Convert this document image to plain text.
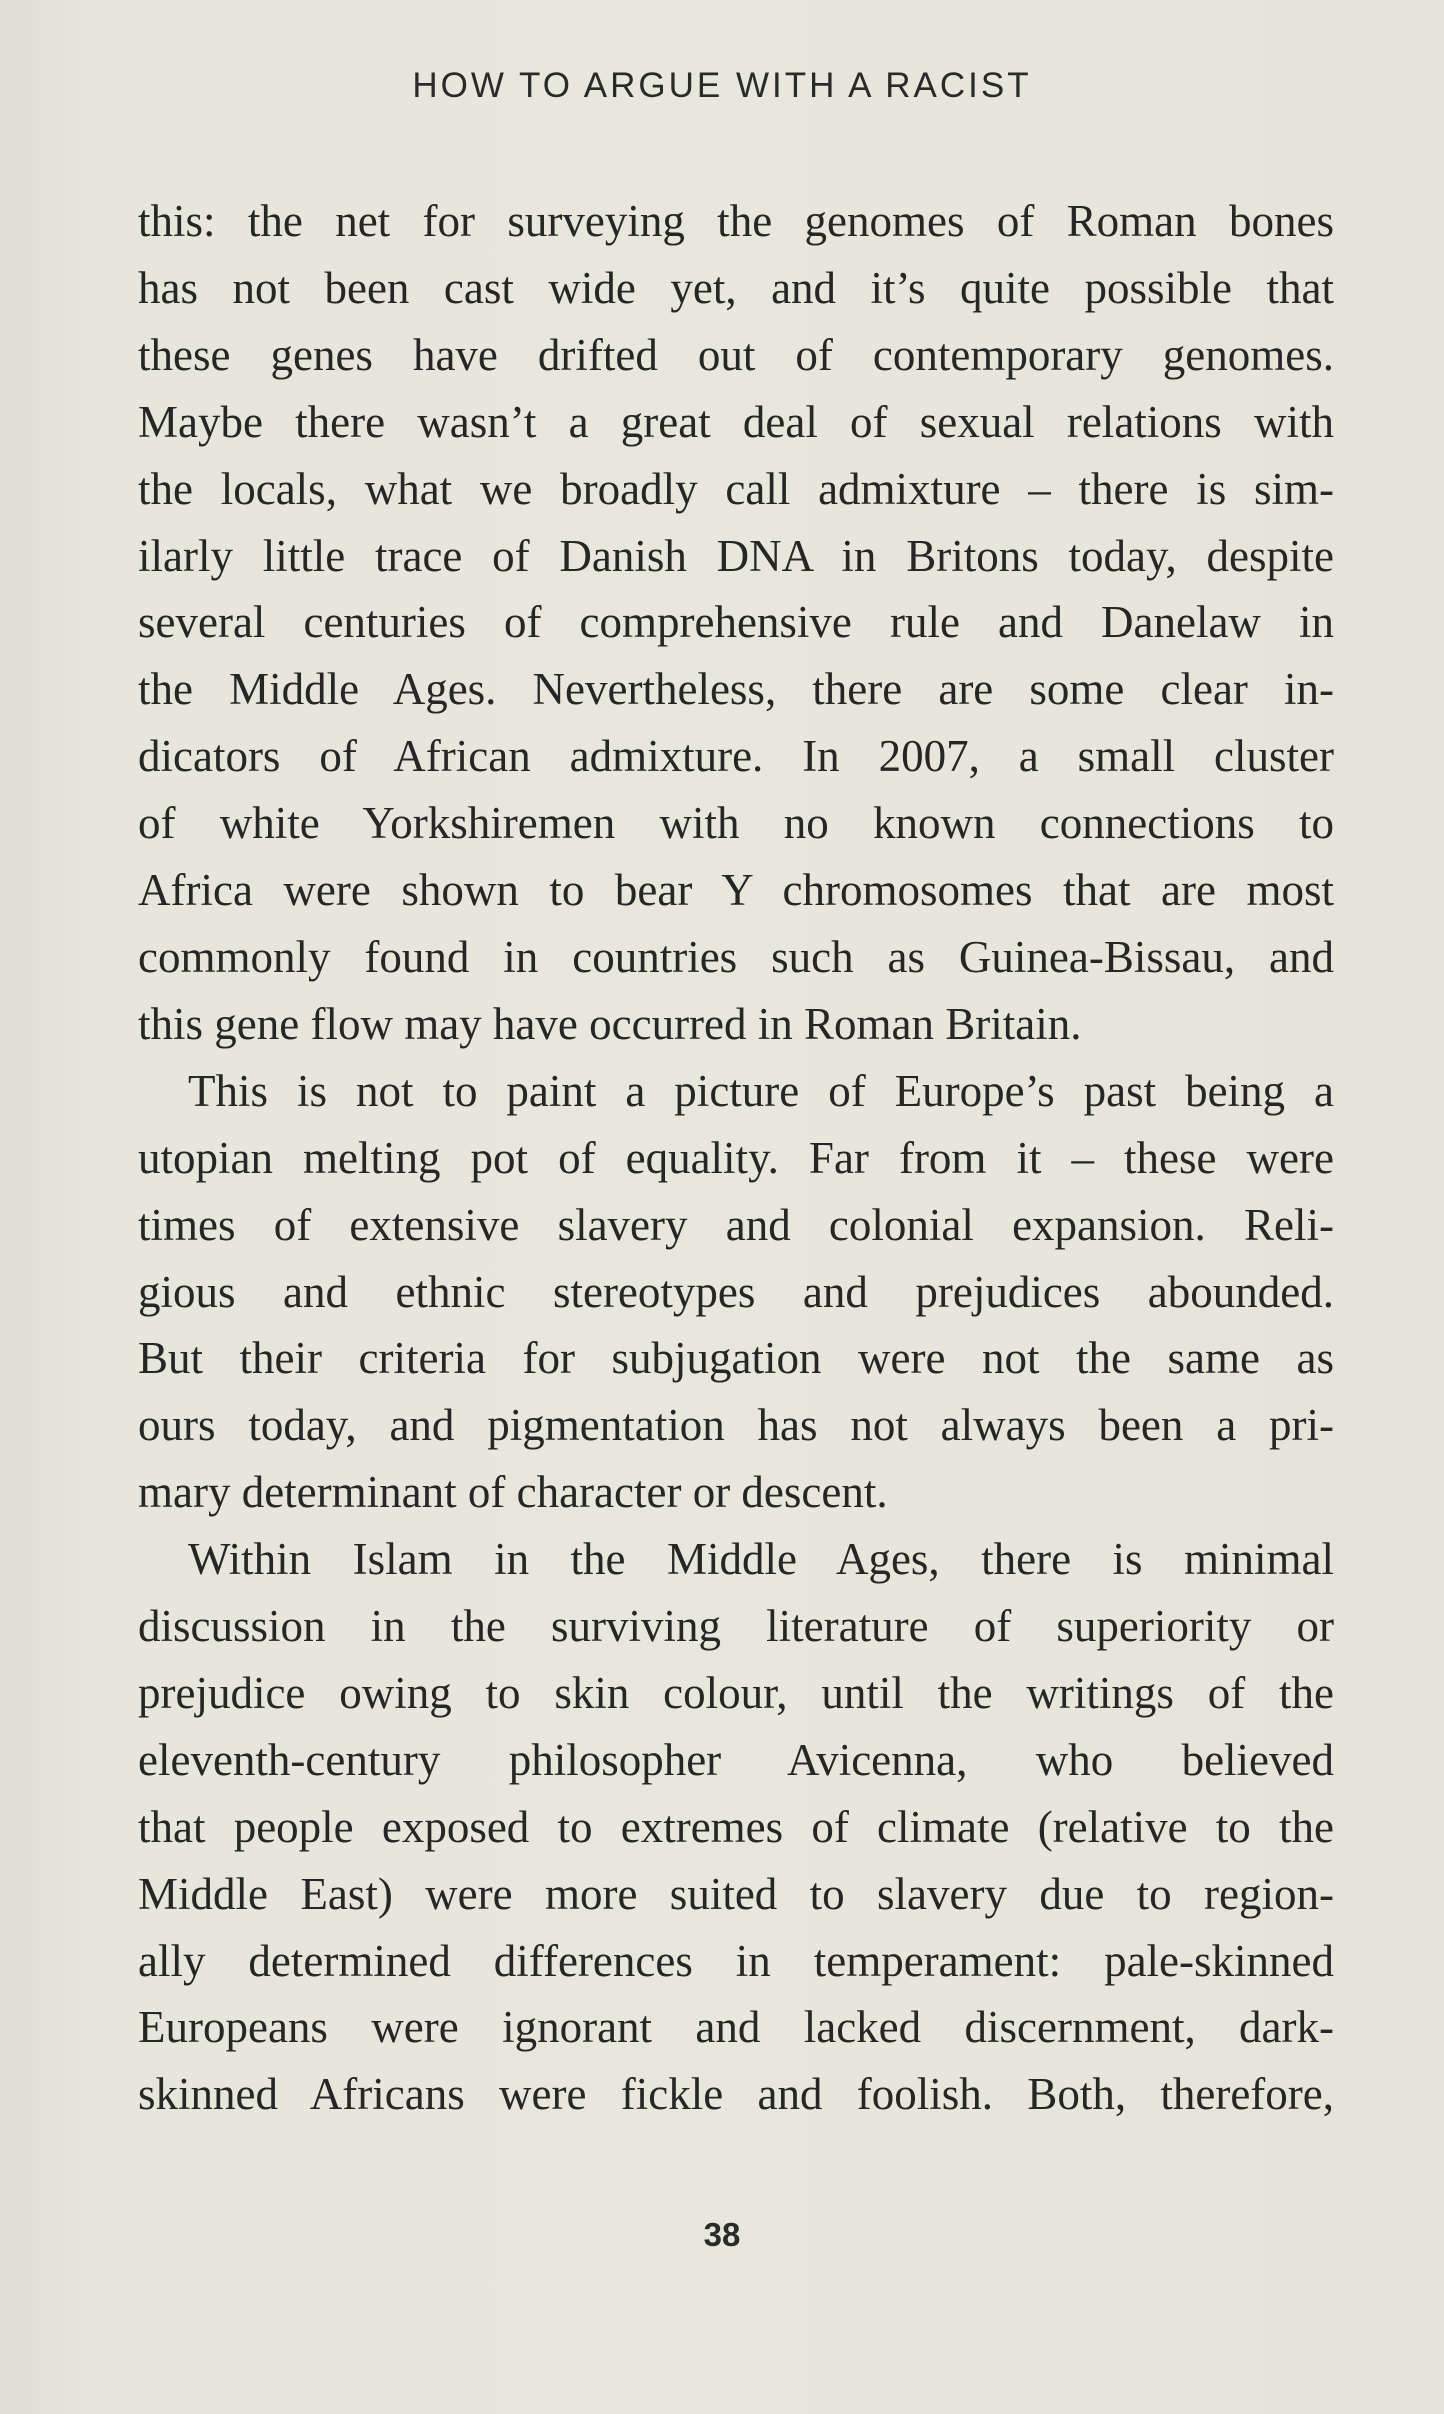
HOW TO ARGUE WITH A RACIST
this: the net for surveying the genomes of Roman bones
has not been cast wide yet, and it’s quite possible that
these genes have drifted out of contemporary genomes.
Maybe there wasn’t a great deal of sexual relations with
the locals, what we broadly call admixture – there is sim-
ilarly little trace of Danish DNA in Britons today, despite
several centuries of comprehensive rule and Danelaw in
the Middle Ages. Nevertheless, there are some clear in-
dicators of African admixture. In 2007, a small cluster
of white Yorkshiremen with no known connections to
Africa were shown to bear Y chromosomes that are most
commonly found in countries such as Guinea-Bissau, and
this gene flow may have occurred in Roman Britain.
This is not to paint a picture of Europe’s past being a
utopian melting pot of equality. Far from it – these were
times of extensive slavery and colonial expansion. Reli-
gious and ethnic stereotypes and prejudices abounded.
But their criteria for subjugation were not the same as
ours today, and pigmentation has not always been a pri-
mary determinant of character or descent.
Within Islam in the Middle Ages, there is minimal
discussion in the surviving literature of superiority or
prejudice owing to skin colour, until the writings of the
eleventh-century philosopher Avicenna, who believed
that people exposed to extremes of climate (relative to the
Middle East) were more suited to slavery due to region-
ally determined differences in temperament: pale-skinned
Europeans were ignorant and lacked discernment, dark-
skinned Africans were fickle and foolish. Both, therefore,
38
